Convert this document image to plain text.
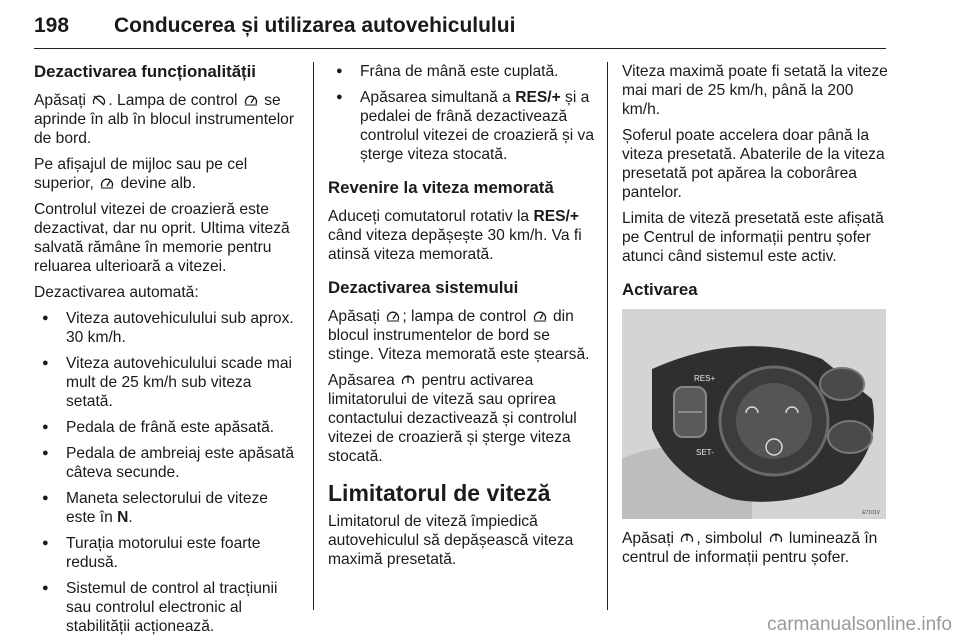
198 Conducerea și utilizarea autovehiculului
Dezactivarea funcționalității

Apăsați . Lampa de control se aprinde în alb în blocul instrumentelor de bord.

Pe afișajul de mijloc sau pe cel superior, devine alb.

Controlul vitezei de croazieră este dezactivat, dar nu oprit. Ultima viteză salvată rămâne în memorie pentru reluarea ulterioară a vitezei.

Dezactivarea automată:

● Viteza autovehiculului sub aprox. 30 km/h.
● Viteza autovehiculului scade mai mult de 25 km/h sub viteza setată.
● Pedala de frână este apăsată.
● Pedala de ambreiaj este apăsată câteva secunde.
● Maneta selectorului de viteze este în N.
● Turația motorului este foarte redusă.
● Sistemul de control al tracțiunii sau controlul electronic al stabilității acționează.
● Frâna de mână este cuplată.
● Apăsarea simultană a RES/+ și a pedalei de frână dezactivează controlul vitezei de croazieră și va șterge viteza stocată.
Revenire la viteza memorată

Aduceți comutatorul rotativ la RES/+ când viteza depășește 30 km/h. Va fi atinsă viteza memorată.

Dezactivarea sistemului

Apăsați ; lampa de control din blocul instrumentelor de bord se stinge. Viteza memorată este ștearsă.

Apăsarea pentru activarea limitatorului de viteză sau oprirea contactului dezactivează și controlul vitezei de croazieră și șterge viteza stocată.

Limitatorul de viteză

Limitatorul de viteză împiedică autovehiculul să depășească viteza maximă presetată.

Viteza maximă poate fi setată la viteze mai mari de 25 km/h, până la 200 km/h.

Șoferul poate accelera doar până la viteza presetată. Abaterile de la viteza presetată pot apărea la coborârea pantelor.

Limita de viteză presetată este afișată pe Centrul de informații pentru șofer atunci când sistemul este activ.

Activarea
RES+
SET-
E7101V

Apăsați , simbolul luminează în centrul de informații pentru șofer.

carmanualsonline.info
